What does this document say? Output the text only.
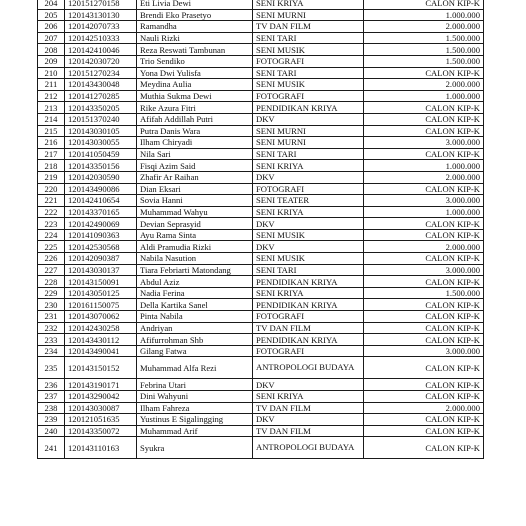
204	120151270158	Eti Livia Dewi	SENI KRIYA	CALON KIP-K
205	120143130130	Brendi Eko Prasetyo	SENI MURNI	1.000.000
206	120142070733	Ramandha	TV DAN FILM	2.000.000
207	120142510333	Nauli Rizki	SENI TARI	1.500.000
208	120142410046	Reza Reswati Tambunan	SENI MUSIK	1.500.000
209	120142030720	Trio Sendiko	FOTOGRAFI	1.500.000
210	120151270234	Yona Dwi Yulisfa	SENI TARI	CALON KIP-K
211	120143430048	Meydina Aulia	SENI MUSIK	2.000.000
212	120141270285	Muthia Sukma Dewi	FOTOGRAFI	1.000.000
213	120143350205	Rike Azura Fitri	PENDIDIKAN KRIYA	CALON KIP-K
214	120151370240	Afifah Addillah Putri	DKV	CALON KIP-K
215	120143030105	Putra Danis Wara	SENI MURNI	CALON KIP-K
216	120143030055	Ilham Chiryadi	SENI MURNI	3.000.000
217	120141050459	Nila Sari	SENI TARI	CALON KIP-K
218	120143350156	Fisqi Azim Said	SENI KRIYA	1.000.000
219	120142030590	Zhafir Ar Raihan	DKV	2.000.000
220	120143490086	Dian Eksari	FOTOGRAFI	CALON KIP-K
221	120142410654	Sovia Hanni	SENI TEATER	3.000.000
222	120143370165	Muhammad Wahyu	SENI KRIYA	1.000.000
223	120142490069	Devian Seprasyid	DKV	CALON KIP-K
224	120141090363	Ayu Rama Sinta	SENI MUSIK	CALON KIP-K
225	120142530568	Aldi Pramudia Rizki	DKV	2.000.000
226	120142090387	Nabila Nasution	SENI MUSIK	CALON KIP-K
227	120143030137	Tiara Febriarti Matondang	SENI TARI	3.000.000
228	120143150091	Abdul Aziz	PENDIDIKAN KRIYA	CALON KIP-K
229	120143050125	Nadia Ferina	SENI KRIYA	1.500.000
230	120161150075	Della Kartika Sanel	PENDIDIKAN KRIYA	CALON KIP-K
231	120143070062	Pinta Nabila	FOTOGRAFI	CALON KIP-K
232	120142430258	Andriyan	TV DAN FILM	CALON KIP-K
233	120143430112	Afifurrohman Shb	PENDIDIKAN KRIYA	CALON KIP-K
234	120143490041	Gilang Fatwa	FOTOGRAFI	3.000.000
235	120143150152	Muhammad Alfa Rezi	ANTROPOLOGI BUDAYA	CALON KIP-K
236	120143190171	Febrina Utari	DKV	CALON KIP-K
237	120143290042	Dini Wahyuni	SENI KRIYA	CALON KIP-K
238	120143030087	Ilham Fahreza	TV DAN FILM	2.000.000
239	120121051635	Yustinus E Sigalingging	DKV	CALON KIP-K
240	120143350072	Muhammad Arif	TV DAN FILM	CALON KIP-K
241	120143110163	Syukra	ANTROPOLOGI BUDAYA	CALON KIP-K
